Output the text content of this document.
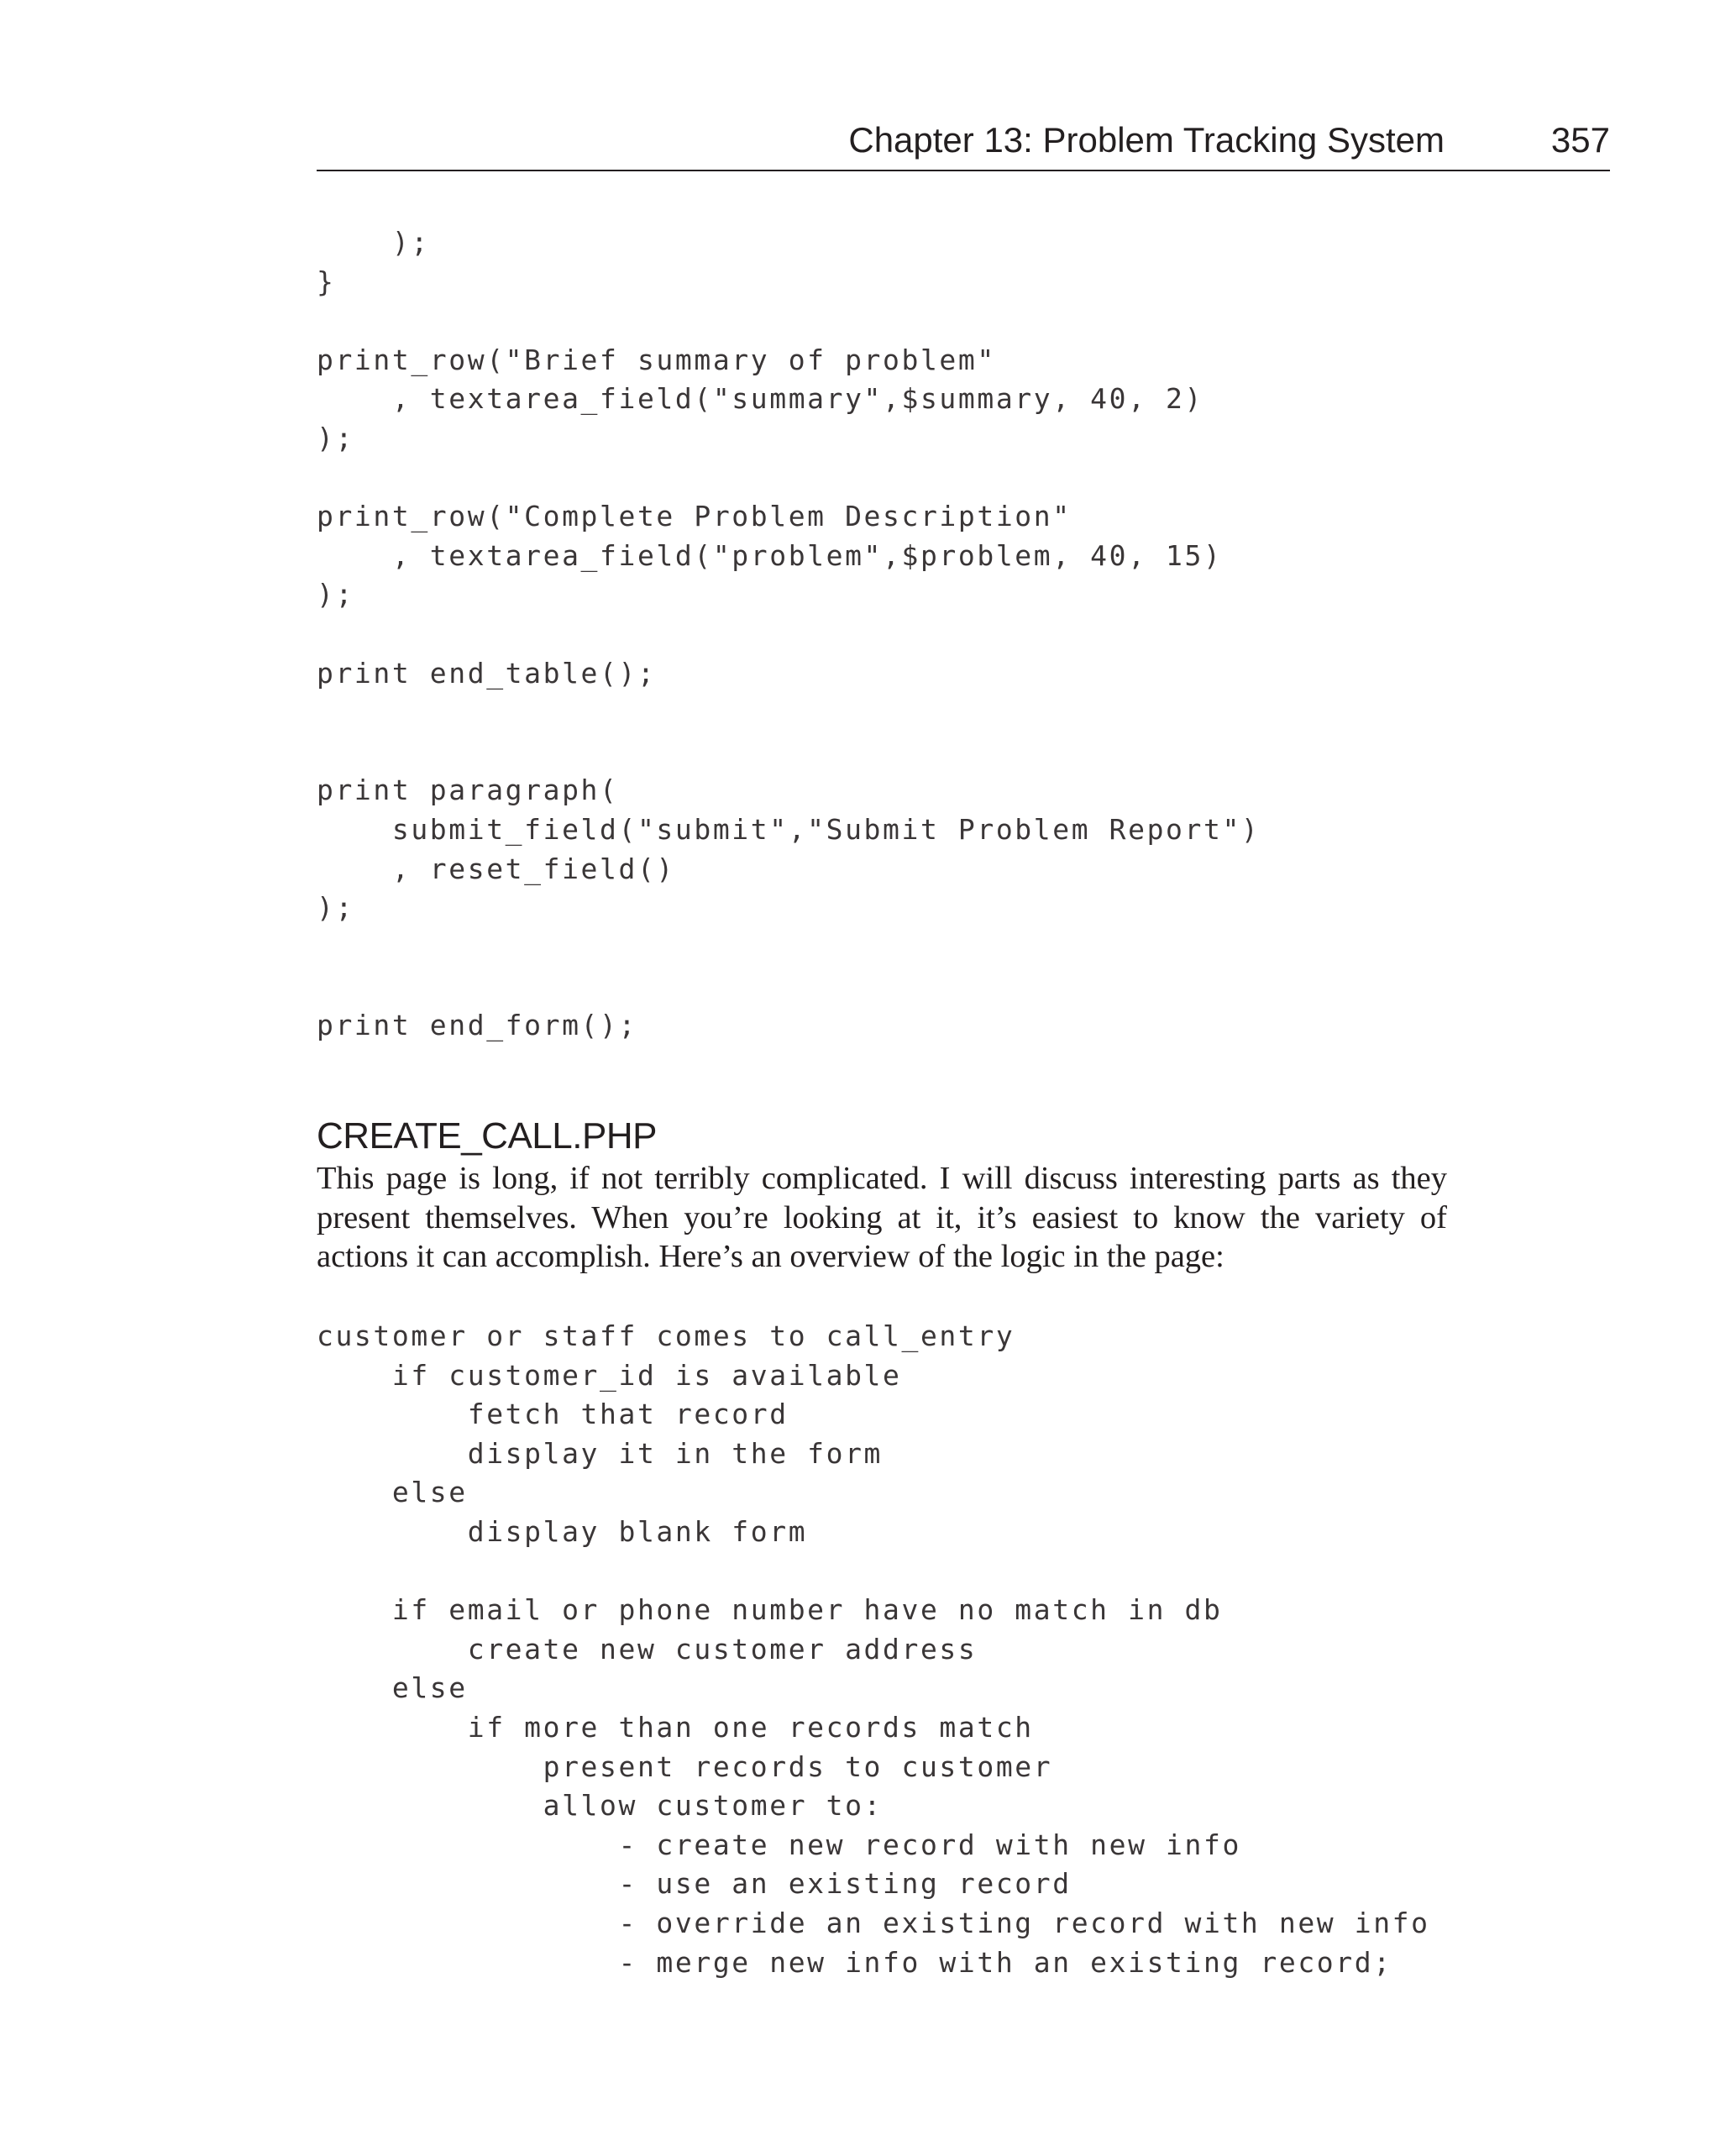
Chapter 13: Problem Tracking System	357
);
}
print_row("Brief summary of problem"
, textarea_field("summary",$summary, 40, 2)
);
print_row("Complete Problem Description"
, textarea_field("problem",$problem, 40, 15)
);
print end_table();
print paragraph(
submit_field("submit","Submit Problem Report")
, reset_field()
);
print end_form();
CREATE_CALL.PHP

This page is long, if not terribly complicated. I will discuss interesting parts as they present themselves. When you’re looking at it, it’s easiest to know the variety of actions it can accomplish. Here’s an overview of the logic in the page:

customer or staff comes to call_entry
if customer_id is available
fetch that record
display it in the form
else
display blank form
if email or phone number have no match in db
create new customer address
else
if more than one records match
present records to customer
allow customer to:
- create new record with new info
- use an existing record
- override an existing record with new info
- merge new info with an existing record;
